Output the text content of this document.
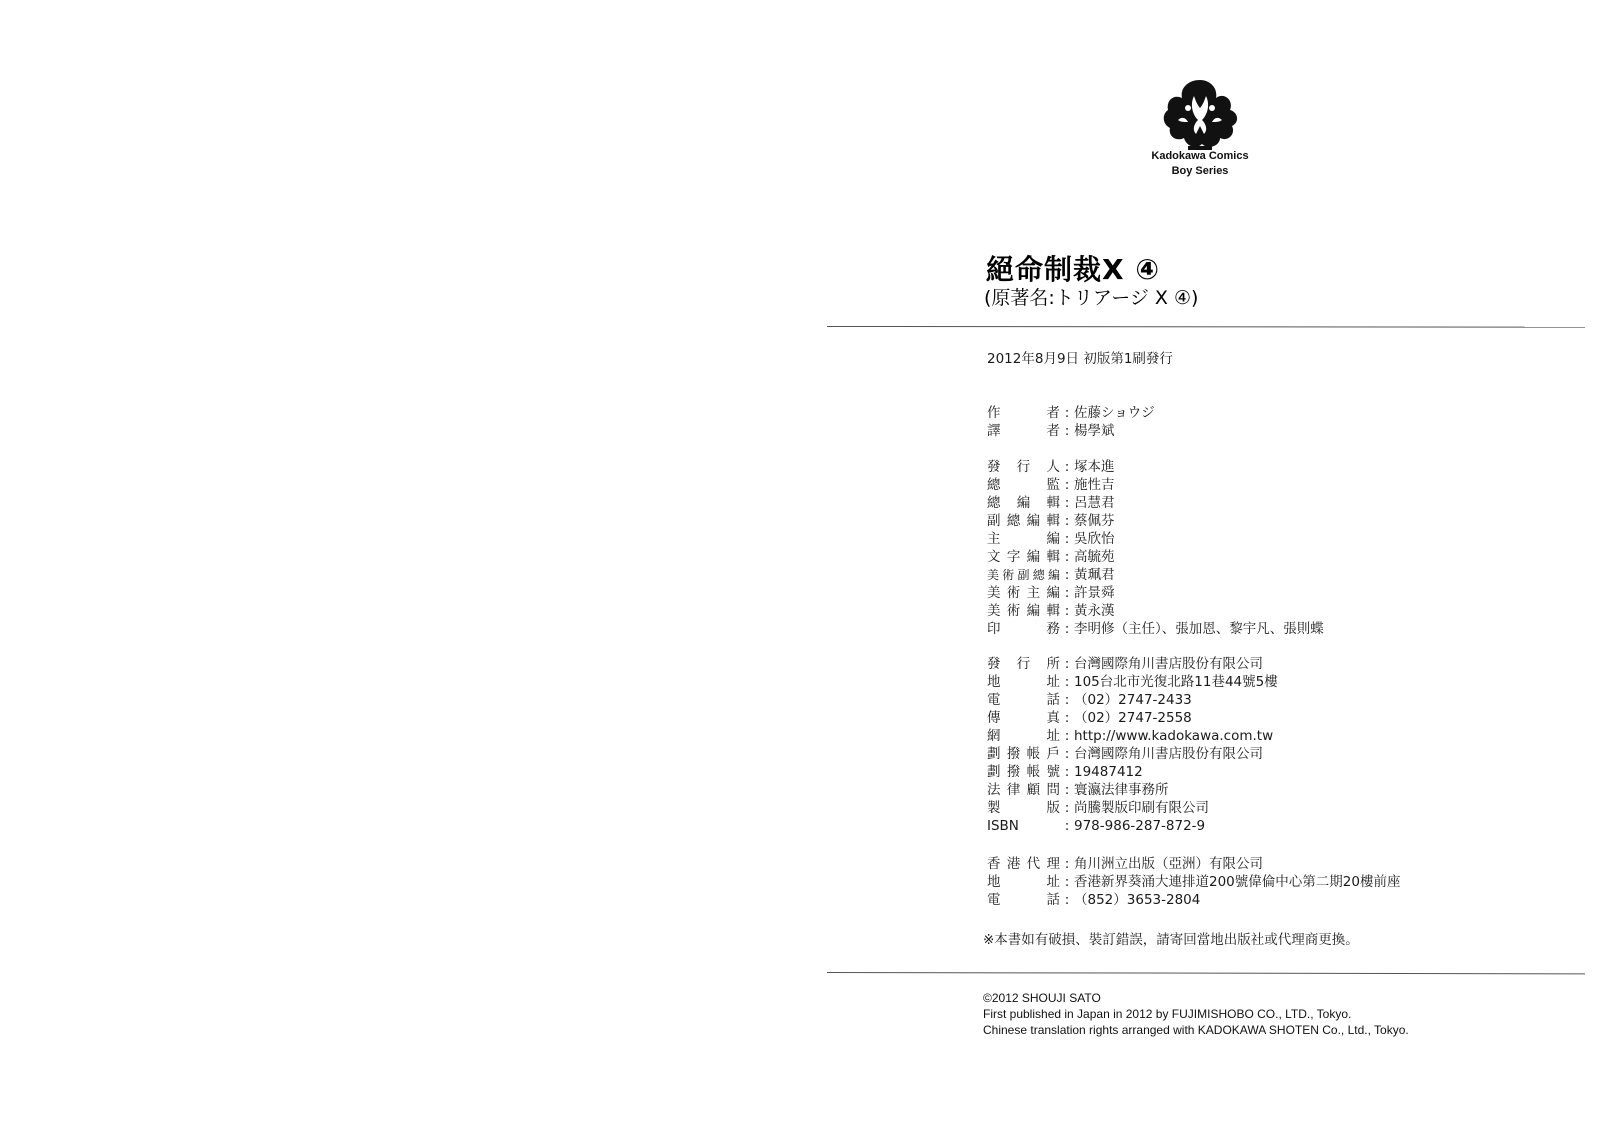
Kadokawa Comics
Boy Series
絕命制裁X ④
(原著名:トリアージ X ④)
2012年8月9日 初版第1刷發行
作者 : 佐藤ショウジ
譯者 : 楊學斌
發行人 : 塚本進
總監 : 施性吉
總編輯 : 呂慧君
副總編輯 : 蔡佩芬
主編 : 吳欣怡
文字編輯 : 高毓苑
美術副總編 : 黃珮君
美術主編 : 許景舜
美術編輯 : 黃永漢
印務 : 李明修（主任）、張加恩、黎宇凡、張則蝶
發行所 : 台灣國際角川書店股份有限公司
地址 : 105台北市光復北路11巷44號5樓
電話 : （02）2747-2433
傳真 : （02）2747-2558
網址 : http://www.kadokawa.com.tw
劃撥帳戶 : 台灣國際角川書店股份有限公司
劃撥帳號 : 19487412
法律顧問 : 寰瀛法律事務所
製版 : 尚騰製版印刷有限公司
ISBN	: 978-986-287-872-9
香港代理 : 角川洲立出版（亞洲）有限公司
地址 : 香港新界葵涌大連排道200號偉倫中心第二期20樓前座
電話 : （852）3653-2804
※本書如有破損、裝訂錯誤，請寄回當地出版社或代理商更換。
©2012 SHOUJI SATO
First published in Japan in 2012 by FUJIMISHOBO CO., LTD., Tokyo.
Chinese translation rights arranged with KADOKAWA SHOTEN Co., Ltd., Tokyo.
